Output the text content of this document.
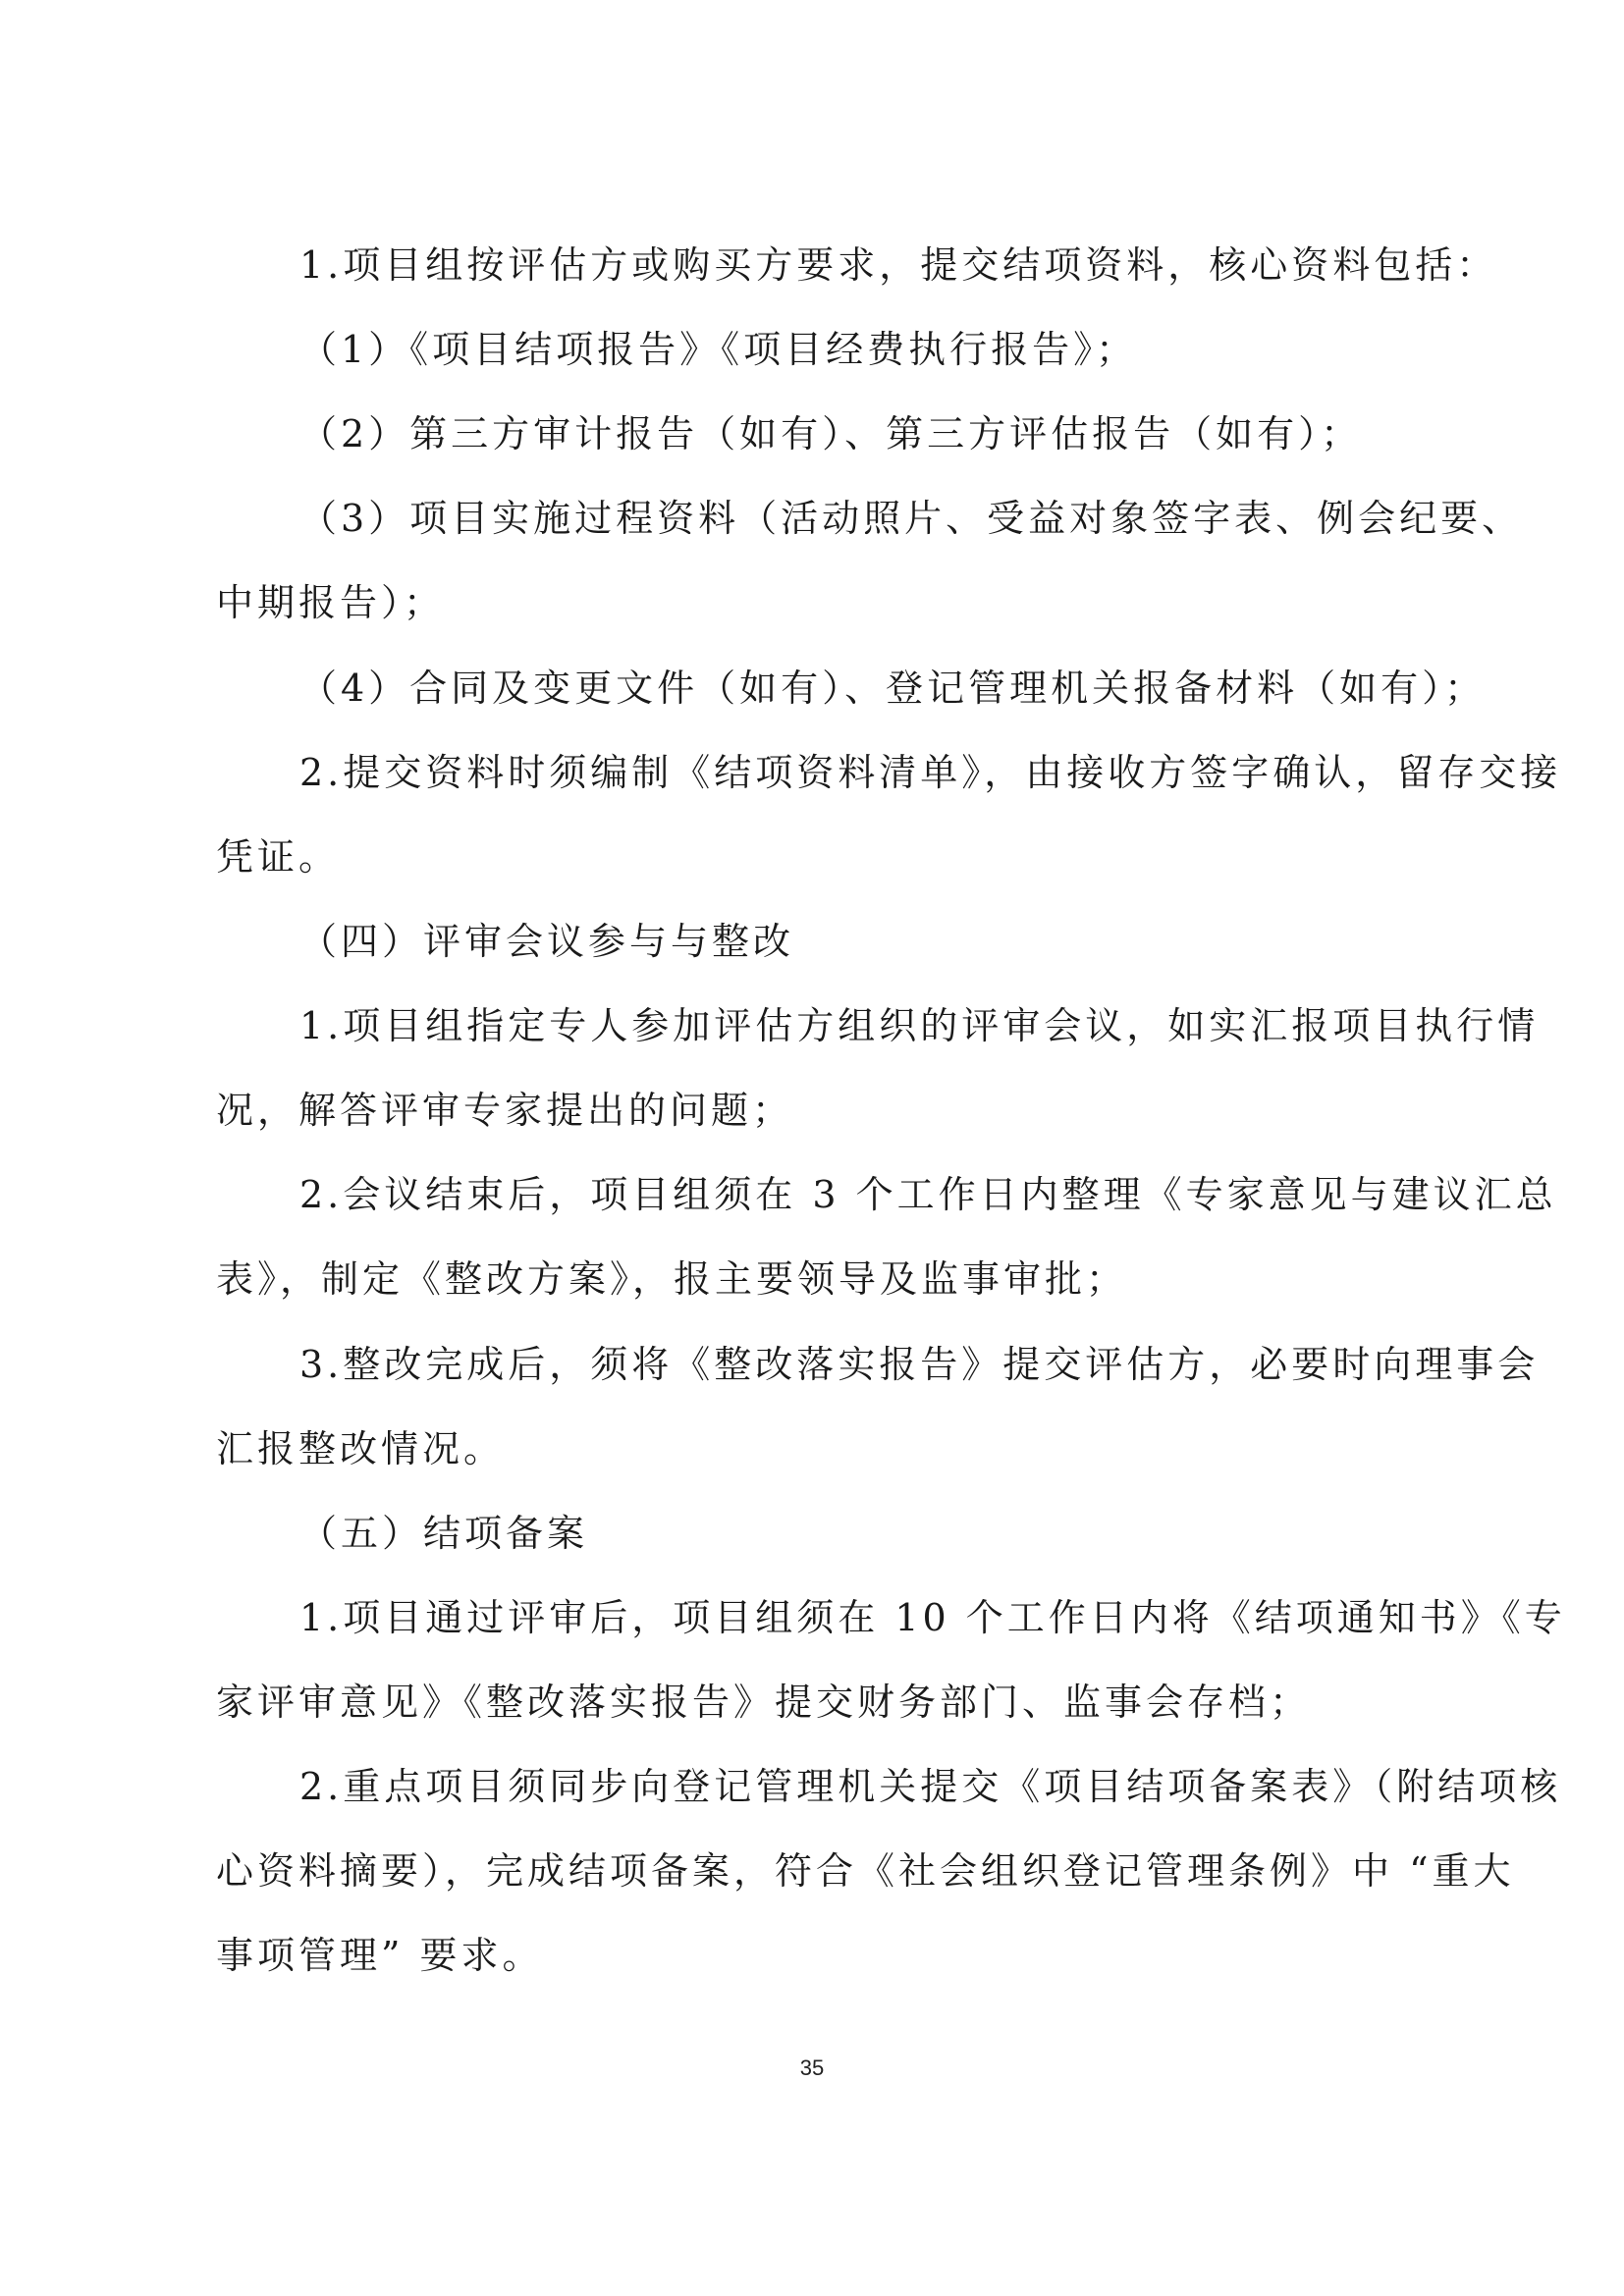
1.项目组按评估方或购买方要求，提交结项资料，核心资料包括：
（1）《项目结项报告》《项目经费执行报告》；
（2）第三方审计报告（如有）、第三方评估报告（如有）；
（3）项目实施过程资料（活动照片、受益对象签字表、例会纪要、
中期报告）；
（4）合同及变更文件（如有）、登记管理机关报备材料（如有）；
2.提交资料时须编制《结项资料清单》，由接收方签字确认，留存交接
凭证。
（四）评审会议参与与整改
1.项目组指定专人参加评估方组织的评审会议，如实汇报项目执行情
况，解答评审专家提出的问题；
2.会议结束后，项目组须在 3 个工作日内整理《专家意见与建议汇总
表》，制定《整改方案》，报主要领导及监事审批；
3.整改完成后，须将《整改落实报告》提交评估方，必要时向理事会
汇报整改情况。
（五）结项备案
1.项目通过评审后，项目组须在 10 个工作日内将《结项通知书》《专
家评审意见》《整改落实报告》提交财务部门、监事会存档；
2.重点项目须同步向登记管理机关提交《项目结项备案表》（附结项核
心资料摘要），完成结项备案，符合《社会组织登记管理条例》中 “重大
事项管理” 要求。
35
